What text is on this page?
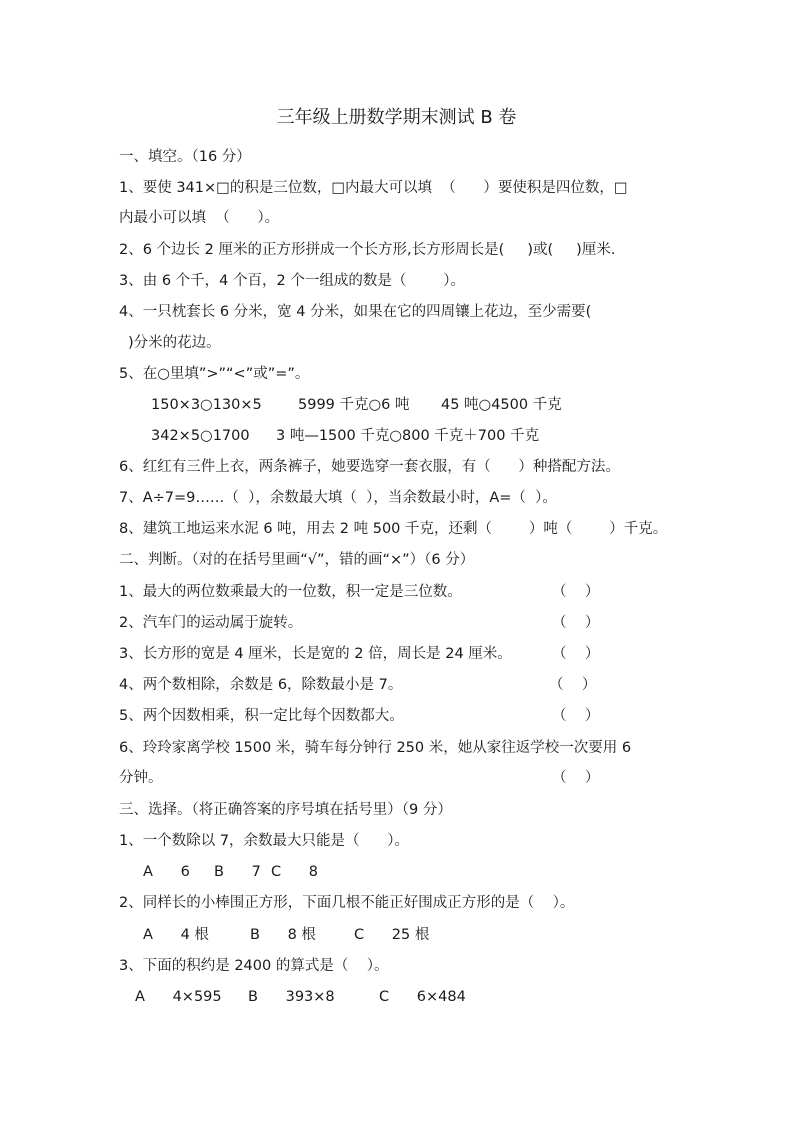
三年级上册数学期末测试 B 卷
一、填空。（16 分）
1、要使 341×□的积是三位数，□内最大可以填  （      ）要使积是四位数，□
内最小可以填  （      ）。
2、6 个边长 2 厘米的正方形拼成一个长方形,长方形周长是(     )或(     )厘米.
3、由 6 个千，4 个百，2 个一组成的数是（        ）。
4、一只枕套长 6 分米，宽 4 分米，如果在它的四周镶上花边，至少需要(
)分米的花边。
5、在○里填”>”“<”或”=”。
150×3○130×5 5999 千克○6 吨 45 吨○4500 千克
342×5○1700 3 吨—1500 千克○800 千克＋700 千克
6、红红有三件上衣，两条裤子，她要选穿一套衣服，有（      ）种搭配方法。
7、A÷7=9……（  ），余数最大填（  ），当余数最小时，A=（  ）。
8、建筑工地运来水泥 6 吨，用去 2 吨 500 千克，还剩（        ）吨（        ）千克。
二、判断。（对的在括号里画“√”，错的画“×”）（6 分）
1、最大的两位数乘最大的一位数，积一定是三位数。	（    ）
2、汽车门的运动属于旋转。	（    ）
3、长方形的宽是 4 厘米，长是宽的 2 倍，周长是 24 厘米。	（    ）
4、两个数相除，余数是 6，除数最小是 7。	（    ）
5、两个因数相乘，积一定比每个因数都大。	（    ）
6、玲玲家离学校 1500 米，骑车每分钟行 250 米，她从家往返学校一次要用 6
分钟。	（    ）
三、选择。（将正确答案的序号填在括号里）（9 分）
1、一个数除以 7，余数最大只能是（      ）。
A      6 B      7 C      8
2、同样长的小棒围正方形，下面几根不能正好围成正方形的是（    ）。
A      4 根	B      8 根	C      25 根
3、下面的积约是 2400 的算式是（    ）。
A      4×595 B      393×8	C      6×484
